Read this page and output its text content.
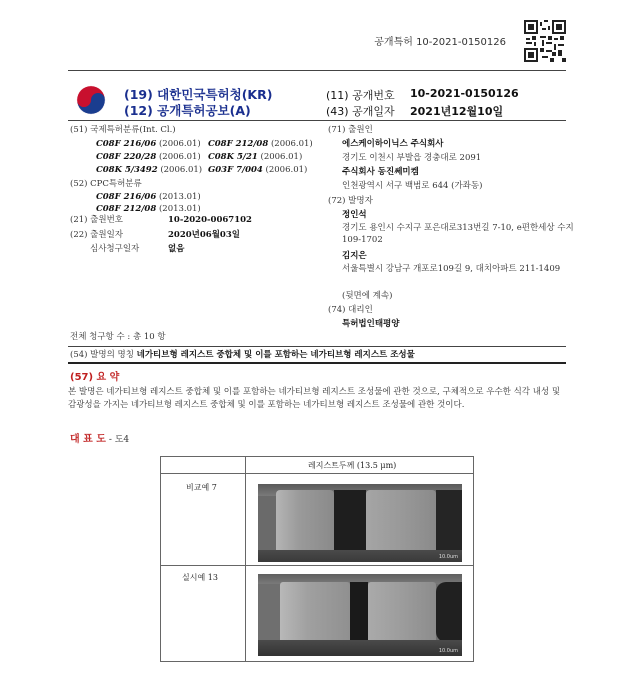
공개특허 10-2021-0150126
(19) 대한민국특허청(KR)
(12) 공개특허공보(A)
(11) 공개번호 10-2021-0150126
(43) 공개일자 2021년12월10일
(51) 국제특허분류(Int. Cl.)
C08F 216/06 (2006.01) C08F 212/08 (2006.01)
C08F 220/28 (2006.01) C08K 5/21 (2006.01)
C08K 5/3492 (2006.01) G03F 7/004 (2006.01)
(52) CPC특허분류
C08F 216/06 (2013.01)
C08F 212/08 (2013.01)
(21) 출원번호	10-2020-0067102
(22) 출원일자	2020년06월03일
심사청구일자	없음
(71) 출원인
에스케이하이닉스 주식회사
경기도 이천시 부발읍 경충대로 2091
주식회사 동진쎄미켐
인천광역시 서구 백범로 644 (가좌동)
(72) 발명자
정인석
경기도 용인시 수지구 포은대로313번길 7-10, e편한세상 수지 109-1702
김지은
서울특별시 강남구 개포로109길 9, 대치아파트 211-1409
(뒷면에 계속)
(74) 대리인
특허법인태평양
전체 청구항 수 : 총 10 항
(54) 발명의 명칭 네가티브형 레지스트 중합체 및 이를 포함하는 네가티브형 레지스트 조성물
(57) 요 약
본 발명은 네가티브형 레지스트 중합체 및 이를 포함하는 네가티브형 레지스트 조성물에 관한 것으로, 구체적으로 우수한 식각 내성 및 감광성을 가지는 네가티브형 레지스트 중합체 및 이를 포함하는 네가티브형 레지스트 조성물에 관한 것이다.
대 표 도 - 도4
레지스트두께 (13.5 μm)
비교예 7
실시예 13
10.0um
10.0um
